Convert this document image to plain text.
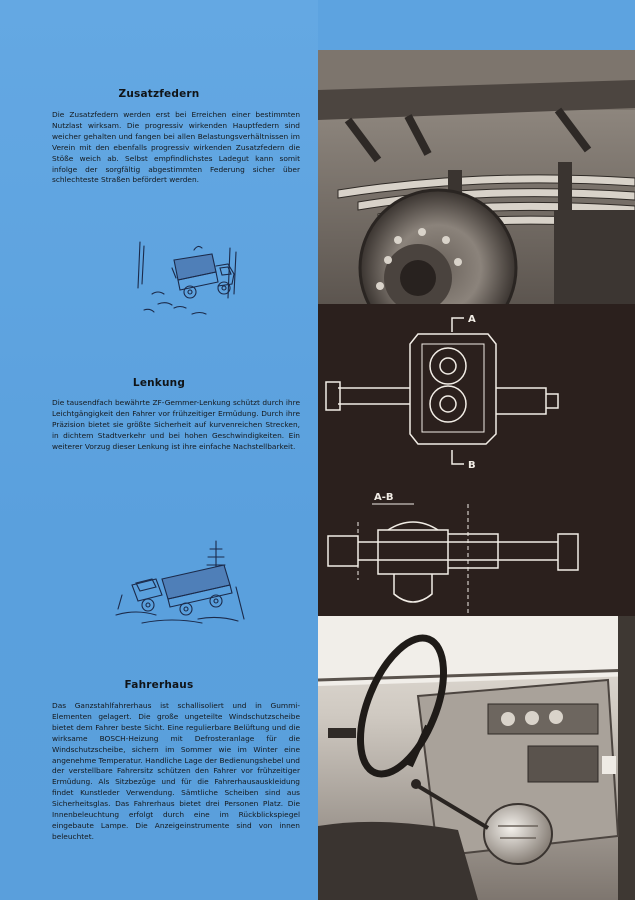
Zusatzfedern
Die Zusatzfedern werden erst bei Erreichen einer bestimmten Nutzlast wirksam. Die progressiv wirkenden Hauptfedern sind weicher gehalten und fangen bei allen Belastungsverhältnissen im Verein mit den ebenfalls progressiv wirkenden Zusatzfedern die Stöße weich ab. Selbst empfindlichstes Ladegut kann somit infolge der sorgfältig abgestimmten Federung sicher über schlechteste Straßen befördert werden.
Lenkung
Die tausendfach bewährte ZF-Gemmer-Lenkung schützt durch ihre Leichtgängigkeit den Fahrer vor frühzeitiger Ermüdung. Durch ihre Präzision bietet sie größte Sicherheit auf kurvenreichen Strecken, in dichtem Stadtverkehr und bei hohen Geschwindigkeiten. Ein weiterer Vorzug dieser Lenkung ist ihre einfache Nachstellbarkeit.
Fahrerhaus
Das Ganzstahlfahrerhaus ist schallisoliert und in Gummi-Elementen gelagert. Die große ungeteilte Windschutzscheibe bietet dem Fahrer beste Sicht. Eine regulierbare Belüftung und die wirksame BOSCH-Heizung mit Defrosteranlage für die Windschutzscheibe, sichern im Sommer wie im Winter eine angenehme Temperatur. Handliche Lage der Bedienungshebel und der verstellbare Fahrersitz schützen den Fahrer vor frühzeitiger Ermüdung. Als Sitzbezüge und für die Fahrerhausauskleidung findet Kunstleder Verwendung. Sämtliche Scheiben sind aus Sicherheitsglas. Das Fahrerhaus bietet drei Personen Platz. Die Innenbeleuchtung erfolgt durch eine im Rückblickspiegel eingebaute Lampe. Die Anzeigeinstrumente sind von innen beleuchtet.
A
B
A-B
